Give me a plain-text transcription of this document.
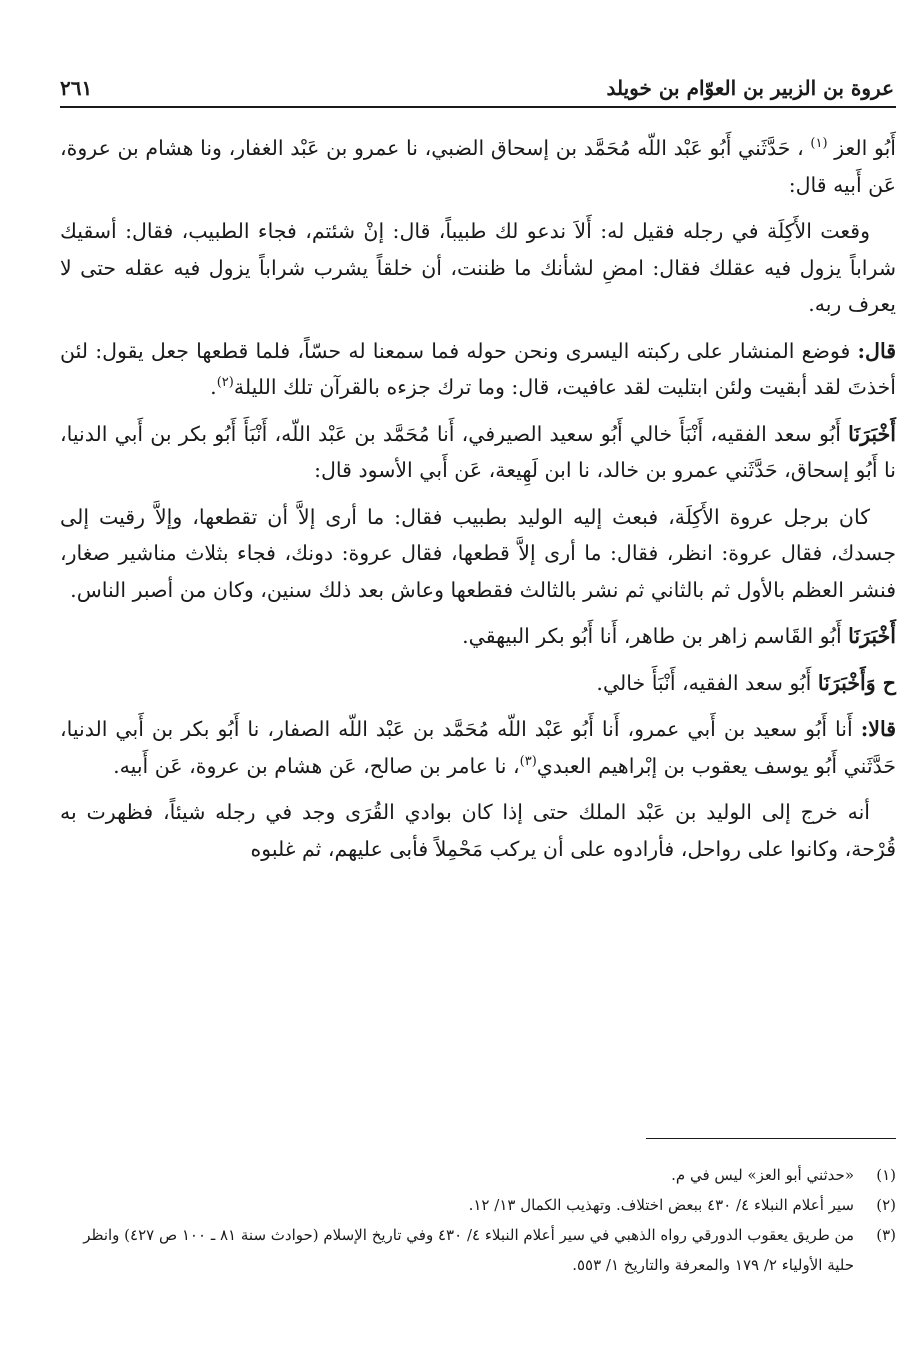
عروة بن الزبير بن العوّام بن خويلد
٢٦١

أَبُو العز $^{(١)}$ ، حَدَّثَني أَبُو عَبْد اللّه مُحَمَّد بن إسحاق الضبي، نا عمرو بن عَبْد الغفار، ونا هشام بن عروة، عَن أَبيه قال:

وقعت الأَكِلَة في رجله فقيل له: أَلاَ ندعو لك طبيباً، قال: إنْ شئتم، فجاء الطبيب، فقال: أسقيك شراباً يزول فيه عقلك فقال: امضِ لشأنك ما ظننت، أن خلقاً يشرب شراباً يزول فيه عقله حتى لا يعرف ربه.

قال: فوضع المنشار على ركبته اليسرى ونحن حوله فما سمعنا له حسّاً، فلما قطعها جعل يقول: لئن أخذتَ لقد أبقيت ولئن ابتليت لقد عافيت، قال: وما ترك جزءه بالقرآن تلك الليلة$^{(٢)}$.

أَخْبَرَنَا أَبُو سعد الفقيه، أَنْبَأَ خالي أَبُو سعيد الصيرفي، أَنا مُحَمَّد بن عَبْد اللّه، أَنْبَأَ أَبُو بكر بن أَبي الدنيا، نا أَبُو إسحاق، حَدَّثَني عمرو بن خالد، نا ابن لَهِيعة، عَن أَبي الأسود قال:

كان برجل عروة الأَكِلَة، فبعث إليه الوليد بطبيب فقال: ما أرى إلاَّ أن تقطعها، وإلاَّ رقيت إلى جسدك، فقال عروة: انظر، فقال: ما أرى إلاَّ قطعها، فقال عروة: دونك، فجاء بثلاث مناشير صغار، فنشر العظم بالأول ثم بالثاني ثم نشر بالثالث فقطعها وعاش بعد ذلك سنين، وكان من أصبر الناس.

أَخْبَرَنَا أَبُو القَاسم زاهر بن طاهر، أَنا أَبُو بكر البيهقي.

ح وَأَخْبَرَنَا أَبُو سعد الفقيه، أَنْبَأَ خالي.

قالا: أَنا أَبُو سعيد بن أَبي عمرو، أَنا أَبُو عَبْد اللّه مُحَمَّد بن عَبْد اللّه الصفار، نا أَبُو بكر بن أَبي الدنيا، حَدَّثَني أَبُو يوسف يعقوب بن إبْراهيم العبدي$^{(٣)}$، نا عامر بن صالح، عَن هشام بن عروة، عَن أَبيه.

أنه خرج إلى الوليد بن عَبْد الملك حتى إذا كان بوادي القُرَى وجد في رجله شيئاً، فظهرت به قُرْحة، وكانوا على رواحل، فأرادوه على أن يركب مَحْمِلاً فأبى عليهم، ثم غلبوه

(١)
«حدثني أبو العز» ليس في م.
(٢)
سير أعلام النبلاء ٤/ ٤٣٠ ببعض اختلاف. وتهذيب الكمال ١٣/ ١٢.
(٣)
من طريق يعقوب الدورقي رواه الذهبي في سير أعلام النبلاء ٤/ ٤٣٠ وفي تاريخ الإسلام (حوادث سنة ٨١ ـ ١٠٠ ص ٤٢٧) وانظر حلية الأولياء ٢/ ١٧٩ والمعرفة والتاريخ ١/ ٥٥٣.
